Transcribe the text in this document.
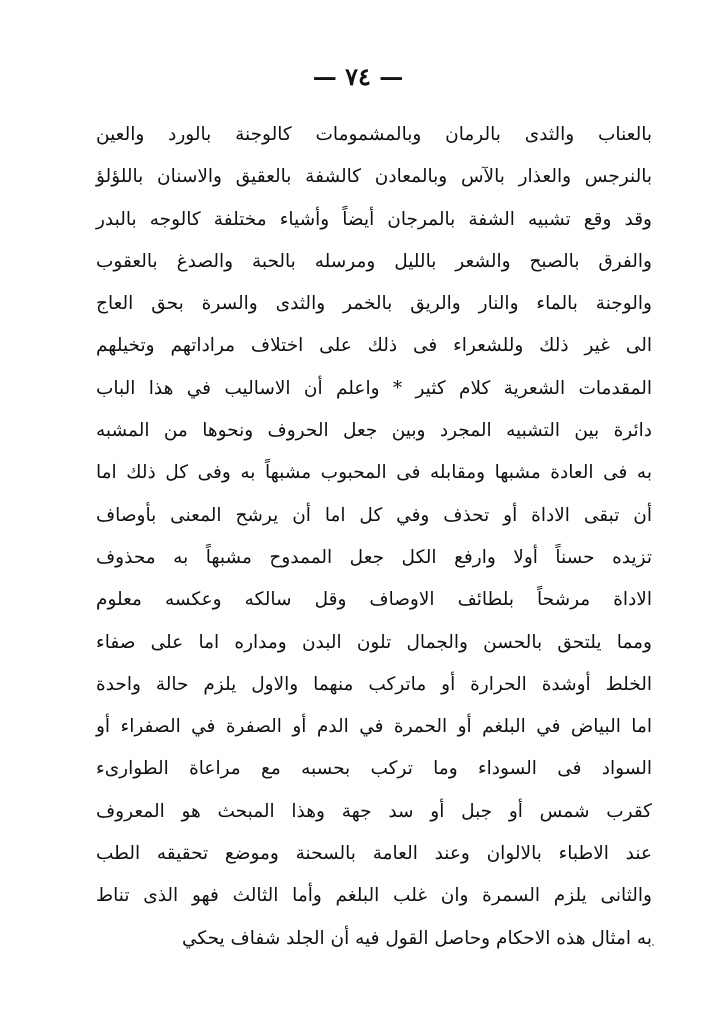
— ٧٤ —
بالعناب والثدى بالرمان وبالمشمومات كالوجنة بالورد والعين
بالنرجس والعذار بالآس وبالمعادن كالشفة بالعقيق والاسنان باللؤلؤ
وقد وقع تشبيه الشفة بالمرجان أيضاً وأشياء مختلفة كالوجه بالبدر
والفرق بالصبح والشعر بالليل ومرسله بالحبة والصدغ بالعقوب
والوجنة بالماء والنار والريق بالخمر والثدى والسرة بحق العاج
الى غير ذلك وللشعراء فى ذلك على اختلاف مراداتهم وتخيلهم
المقدمات الشعرية كلام كثير * واعلم أن الاساليب في هذا الباب
دائرة بين التشبيه المجرد وبين جعل الحروف ونحوها من المشبه
به فى العادة مشبها ومقابله فى المحبوب مشبهاً به وفى كل ذلك اما
أن تبقى الاداة أو تحذف وفي كل اما أن يرشح المعنى بأوصاف
تزيده حسناً أولا وارفع الكل جعل الممدوح مشبهاً به محذوف
الاداة مرشحاً بلطائف الاوصاف وقل سالكه وعكسه معلوم
ومما يلتحق بالحسن والجمال تلون البدن ومداره اما على صفاء
الخلط أوشدة الحرارة أو ماتركب منهما والاول يلزم حالة واحدة
اما البياض في البلغم أو الحمرة في الدم أو الصفرة في الصفراء أو
السواد فى السوداء وما تركب بحسبه مع مراعاة الطوارىء
كقرب شمس أو جبل أو سد جهة وهذا المبحث هو المعروف
عند الاطباء بالالوان وعند العامة بالسحنة وموضع تحقيقه الطب
والثانى يلزم السمرة وان غلب البلغم وأما الثالث فهو الذى تناط
به امثال هذه الاحكام وحاصل القول فيه أن الجلد شفاف يحكي
